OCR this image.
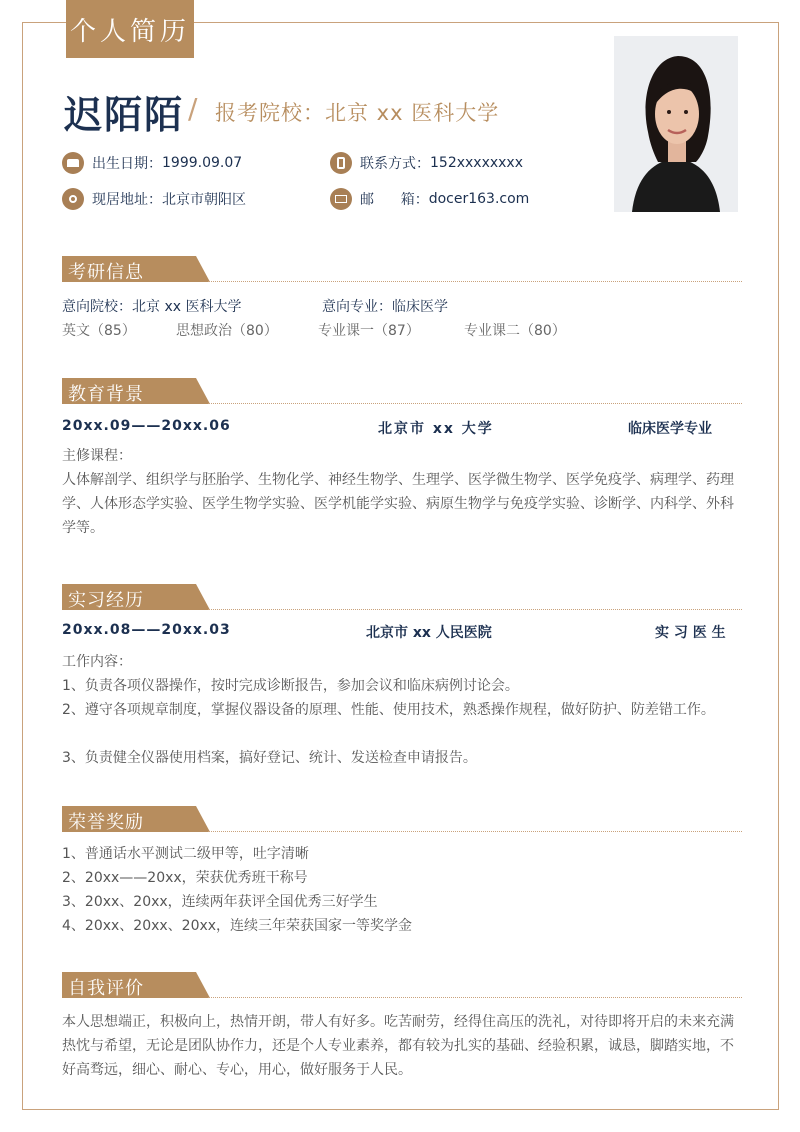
个人简历
迟陌陌 / 报考院校：北京 xx 医科大学
出生日期： 1999.09.07	联系方式： 152xxxxxxxx
现居地址： 北京市朝阳区	邮      箱： docer163.com
考研信息
意向院校：北京 xx 医科大学	意向专业：临床医学
英文（85）	思想政治（80）	专业课一（87）	专业课二（80）
教育背景
20xx.09——20xx.06	北京市 xx 大学	临床医学专业
主修课程：
人体解剖学、组织学与胚胎学、生物化学、神经生物学、生理学、医学微生物学、医学免疫学、病理学、药理学、人体形态学实验、医学生物学实验、医学机能学实验、病原生物学与免疫学实验、诊断学、内科学、外科学等。
实习经历
20xx.08——20xx.03	北京市 xx 人民医院	实 习 医 生
工作内容：
1、负责各项仪器操作，按时完成诊断报告，参加会议和临床病例讨论会。
2、遵守各项规章制度，掌握仪器设备的原理、性能、使用技术，熟悉操作规程，做好防护、防差错工作。
3、负责健全仪器使用档案，搞好登记、统计、发送检查申请报告。
荣誉奖励
1、普通话水平测试二级甲等，吐字清晰
2、20xx——20xx，荣获优秀班干称号
3、20xx、20xx，连续两年获评全国优秀三好学生
4、20xx、20xx、20xx，连续三年荣获国家一等奖学金
自我评价
本人思想端正，积极向上，热情开朗，带人有好多。吃苦耐劳，经得住高压的洗礼，对待即将开启的未来充满热忱与希望，无论是团队协作力，还是个人专业素养，都有较为扎实的基础、经验积累，诚恳，脚踏实地，不好高骛远，细心、耐心、专心，用心，做好服务于人民。
